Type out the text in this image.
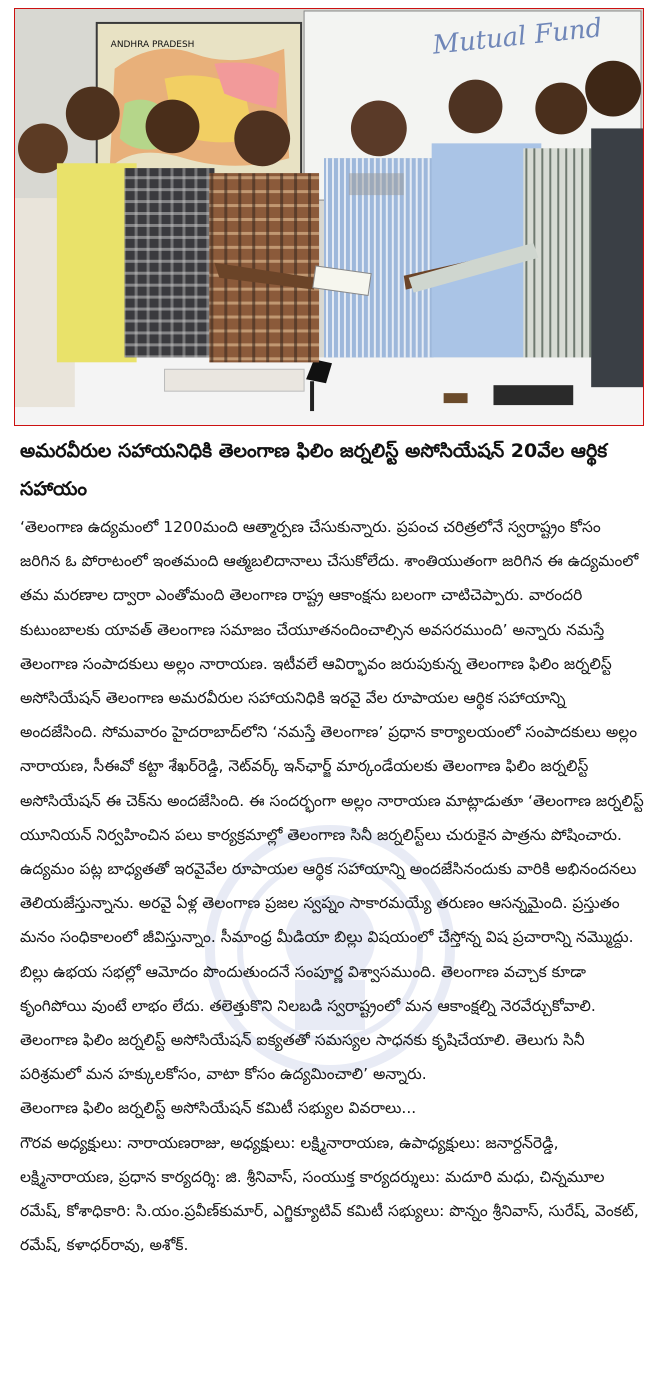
ANDHRA PRADESH	Mutual Fund
అమరవీరుల సహాయనిధికి తెలంగాణ ఫిలిం జర్నలిస్ట్ అసోసియేషన్ 20వేల ఆర్థిక సహాయం

‘తెలంగాణ ఉద్యమంలో 1200మంది ఆత్మార్పణ చేసుకున్నారు. ప్రపంచ చరిత్రలోనే స్వరాష్ట్రం కోసం జరిగిన ఓ పోరాటంలో ఇంతమంది ఆత్మబలిదానాలు చేసుకోలేదు. శాంతియుతంగా జరిగిన ఈ ఉద్యమంలో తమ మరణాల ద్వారా ఎంతోమంది తెలంగాణ రాష్ట్ర ఆకాంక్షను బలంగా చాటిచెప్పారు. వారందరి కుటుంబాలకు యావత్ తెలంగాణ సమాజం చేయూతనందించాల్సిన అవసరముంది’ అన్నారు నమస్తే తెలంగాణ సంపాదకులు అల్లం నారాయణ. ఇటీవలే ఆవిర్భావం జరుపుకున్న తెలంగాణ ఫిలిం జర్నలిస్ట్ అసోసియేషన్ తెలంగాణ అమరవీరుల సహాయనిధికి ఇరవై వేల రూపాయల ఆర్థిక సహాయాన్ని అందజేసింది. సోమవారం హైదరాబాద్‌లోని ‘నమస్తే తెలంగాణ’ ప్రధాన కార్యాలయంలో సంపాదకులు అల్లం నారాయణ, సీఈవో కట్టా శేఖర్‌రెడ్డి, నెట్‌వర్క్ ఇన్‌ఛార్జ్ మార్కండేయలకు తెలంగాణ ఫిలిం జర్నలిస్ట్ అసోసియేషన్ ఈ చెక్‌ను అందజేసింది. ఈ సందర్భంగా అల్లం నారాయణ మాట్లాడుతూ ‘తెలంగాణ జర్నలిస్ట్ యూనియన్ నిర్వహించిన పలు కార్యక్రమాల్లో తెలంగాణ సినీ జర్నలిస్ట్‌లు చురుకైన పాత్రను పోషించారు. ఉద్యమం పట్ల బాధ్యతతో ఇరవైవేల రూపాయల ఆర్థిక సహాయాన్ని అందజేసినందుకు వారికి అభినందనలు తెలియజేస్తున్నాను. అరవై ఏళ్ల తెలంగాణ ప్రజల స్వప్నం సాకారమయ్యే తరుణం ఆసన్నమైంది. ప్రస్తుతం మనం సంధికాలంలో జీవిస్తున్నాం. సీమాంధ్ర మీడియా బిల్లు విషయంలో చేస్తోన్న విష ప్రచారాన్ని నమ్మొద్దు. బిల్లు ఉభయ సభల్లో ఆమోదం పొందుతుందనే సంపూర్ణ విశ్వాసముంది. తెలంగాణ వచ్చాక కూడా కృంగిపోయి వుంటే లాభం లేదు. తలెత్తుకొని నిలబడి స్వరాష్ట్రంలో మన ఆకాంక్షల్ని నెరవేర్చుకోవాలి. తెలంగాణ ఫిలిం జర్నలిస్ట్ అసోసియేషన్ ఐక్యతతో సమస్యల సాధనకు కృషిచేయాలి. తెలుగు సినీ పరిశ్రమలో మన హక్కులకోసం, వాటా కోసం ఉద్యమించాలి’ అన్నారు.

తెలంగాణ ఫిలిం జర్నలిస్ట్ అసోసియేషన్ కమిటీ సభ్యుల వివరాలు...

గౌరవ అధ్యక్షులు: నారాయణరాజు, అధ్యక్షులు: లక్ష్మినారాయణ, ఉపాధ్యక్షులు: జనార్దన్‌రెడ్డి, లక్ష్మినారాయణ, ప్రధాన కార్యదర్శి: జి. శ్రీనివాస్, సంయుక్త కార్యదర్శులు: మదూరి మధు, చిన్నమూల రమేష్, కోశాధికారి: సి.యం.ప్రవీణ్‌కుమార్, ఎగ్జిక్యూటివ్ కమిటీ సభ్యులు: పొన్నం శ్రీనివాస్, సురేష్, వెంకట్, రమేష్, కళాధర్‌రావు, అశోక్.
